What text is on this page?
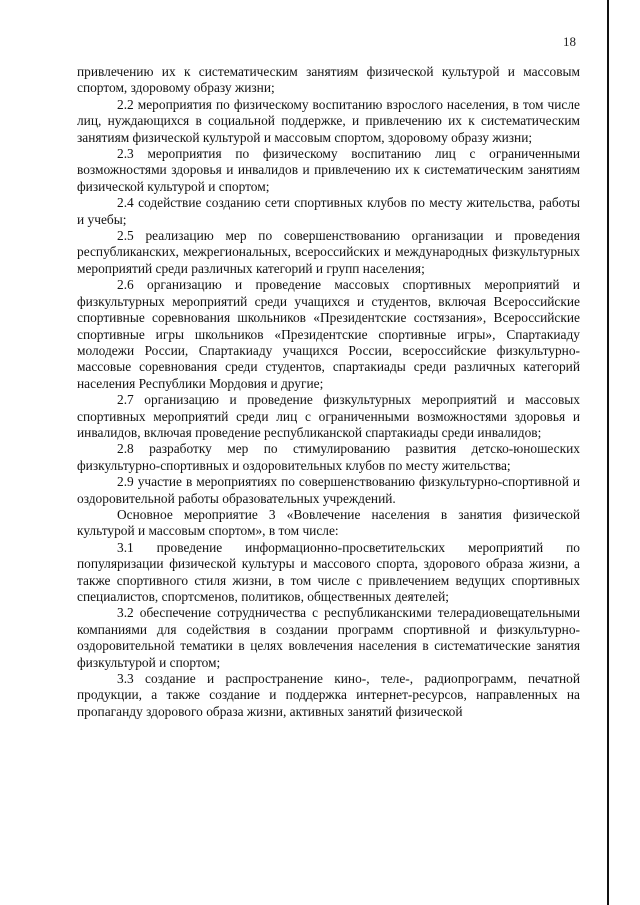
18

привлечению их к систематическим занятиям физической культурой и массовым спортом, здоровому образу жизни;

2.2 мероприятия по физическому воспитанию взрослого населения, в том числе лиц, нуждающихся в социальной поддержке, и привлечению их к систематическим занятиям физической культурой и массовым спортом, здоровому образу жизни;

2.3 мероприятия по физическому воспитанию лиц с ограниченными возможностями здоровья и инвалидов и привлечению их к систематическим занятиям физической культурой и спортом;

2.4 содействие созданию сети спортивных клубов по месту жительства, работы и учебы;

2.5 реализацию мер по совершенствованию организации и проведения республиканских, межрегиональных, всероссийских и международных физкультурных мероприятий среди различных категорий и групп населения;

2.6 организацию и проведение массовых спортивных мероприятий и физкультурных мероприятий среди учащихся и студентов, включая Всероссийские спортивные соревнования школьников «Президентские состязания», Всероссийские спортивные игры школьников «Президентские спортивные игры», Спартакиаду молодежи России, Спартакиаду учащихся России, всероссийские физкультурно-массовые соревнования среди студентов, спартакиады среди различных категорий населения Республики Мордовия и другие;

2.7 организацию и проведение физкультурных мероприятий и массовых спортивных мероприятий среди лиц с ограниченными возможностями здоровья и инвалидов, включая проведение республиканской спартакиады среди инвалидов;

2.8 разработку мер по стимулированию развития детско-юношеских физкультурно-спортивных и оздоровительных клубов по месту жительства;

2.9 участие в мероприятиях по совершенствованию физкультурно-спортивной и оздоровительной работы образовательных учреждений.

Основное мероприятие 3 «Вовлечение населения в занятия физической культурой и массовым спортом», в том числе:

3.1 проведение информационно-просветительских мероприятий по популяризации физической культуры и массового спорта, здорового образа жизни, а также спортивного стиля жизни, в том числе с привлечением ведущих спортивных специалистов, спортсменов, политиков, общественных деятелей;

3.2 обеспечение сотрудничества с республиканскими телерадиовещательными компаниями для содействия в создании программ спортивной и физкультурно-оздоровительной тематики в целях вовлечения населения в систематические занятия физкультурой и спортом;

3.3 создание и распространение кино-, теле-, радиопрограмм, печатной продукции, а также создание и поддержка интернет-ресурсов, направленных на пропаганду здорового образа жизни, активных занятий физической
